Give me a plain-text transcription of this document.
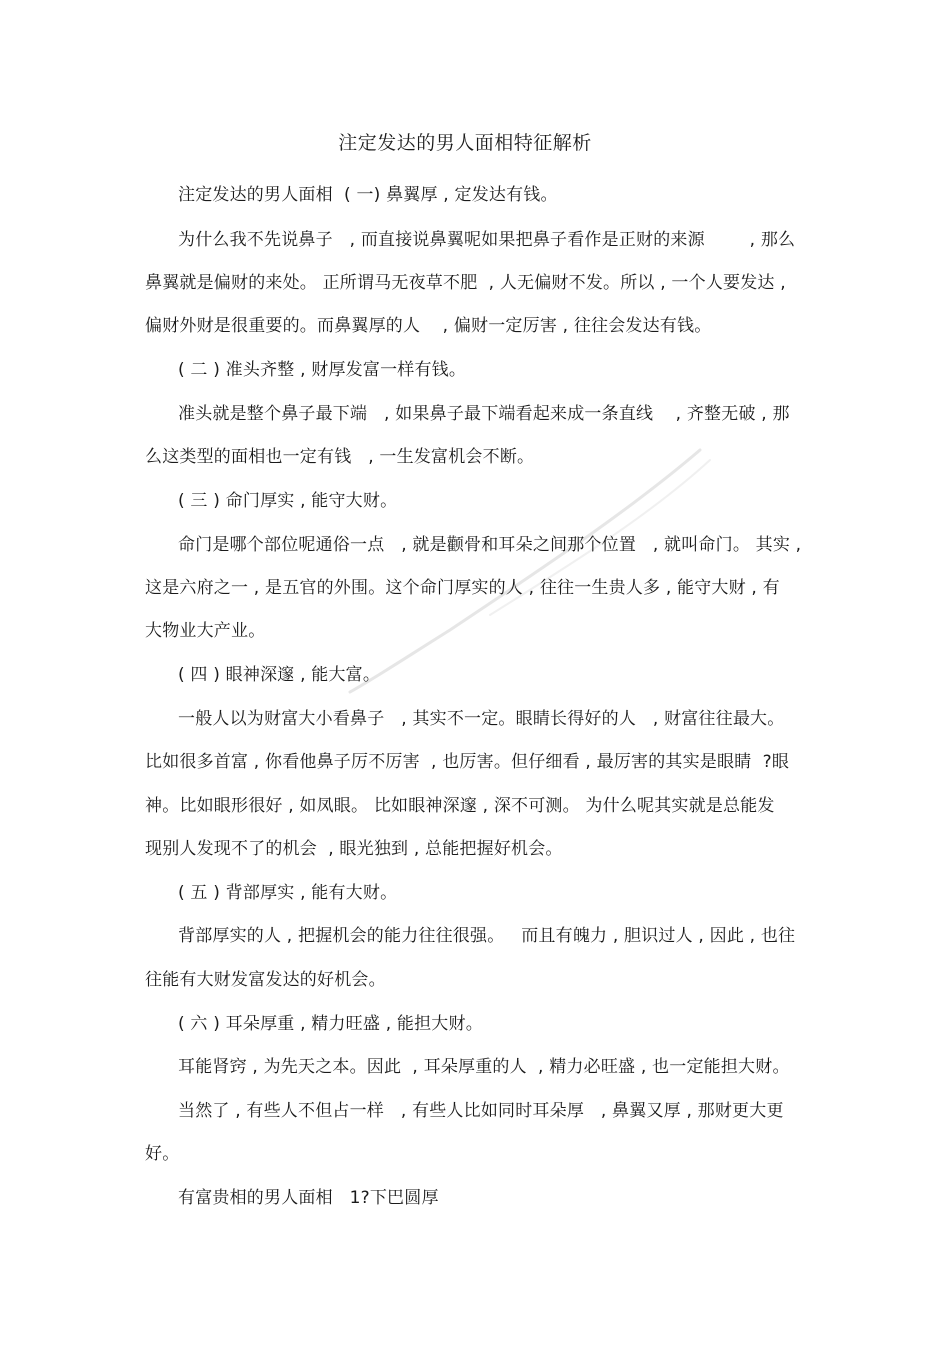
注定发达的男人面相特征解析
注定发达的男人面相  ( 一) 鼻翼厚 , 定发达有钱。
为什么我不先说鼻子   , 而直接说鼻翼呢如果把鼻子看作是正财的来源        , 那么
鼻翼就是偏财的来处。 正所谓马无夜草不肥  , 人无偏财不发。所以 , 一个人要发达 ,
偏财外财是很重要的。而鼻翼厚的人    , 偏财一定厉害 , 往往会发达有钱。
( 二 ) 准头齐整 , 财厚发富一样有钱。
准头就是整个鼻子最下端   , 如果鼻子最下端看起来成一条直线    , 齐整无破 , 那
么这类型的面相也一定有钱   , 一生发富机会不断。
( 三 ) 命门厚实 , 能守大财。
命门是哪个部位呢通俗一点   , 就是颧骨和耳朵之间那个位置   , 就叫命门。 其实 ,
这是六府之一 , 是五官的外围。这个命门厚实的人 , 往往一生贵人多 , 能守大财 , 有
大物业大产业。
( 四 ) 眼神深邃 , 能大富。
一般人以为财富大小看鼻子   , 其实不一定。眼睛长得好的人   , 财富往往最大。
比如很多首富 , 你看他鼻子厉不厉害  , 也厉害。但仔细看 , 最厉害的其实是眼睛  ?眼
神。比如眼形很好 , 如凤眼。 比如眼神深邃 , 深不可测。 为什么呢其实就是总能发
现别人发现不了的机会  , 眼光独到 , 总能把握好机会。
( 五 ) 背部厚实 , 能有大财。
背部厚实的人 , 把握机会的能力往往很强。   而且有魄力 , 胆识过人 , 因此 , 也往
往能有大财发富发达的好机会。
( 六 ) 耳朵厚重 , 精力旺盛 , 能担大财。
耳能肾窍 , 为先天之本。因此  , 耳朵厚重的人  , 精力必旺盛 , 也一定能担大财。
当然了 , 有些人不但占一样   , 有些人比如同时耳朵厚   , 鼻翼又厚 , 那财更大更
好。
有富贵相的男人面相   1?下巴圆厚
